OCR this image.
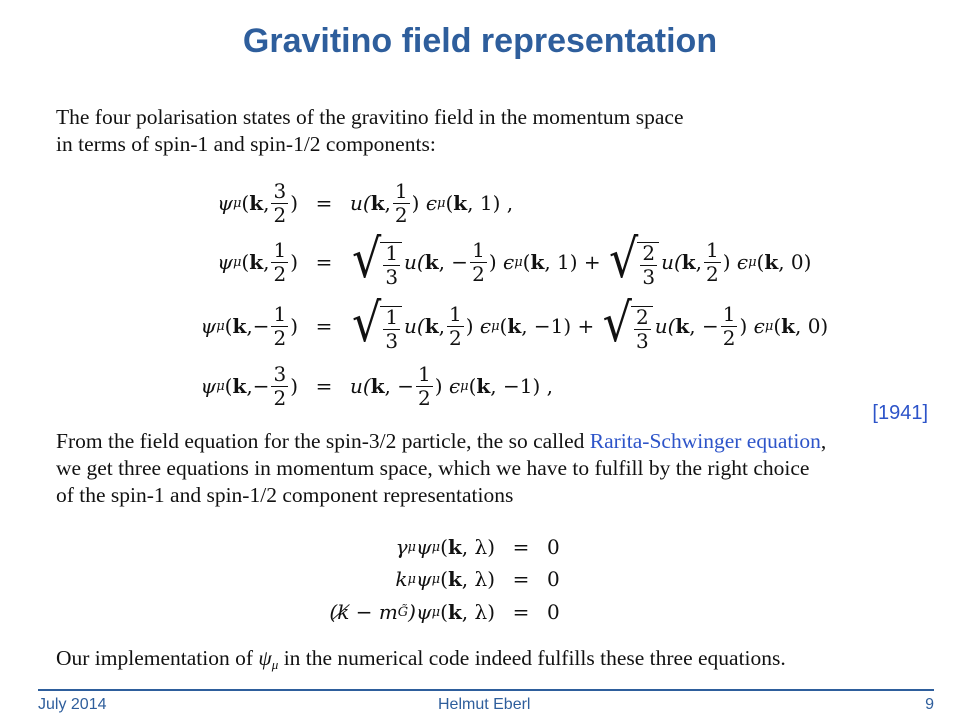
Gravitino field representation
The four polarisation states of the gravitino field in the momentum space
in terms of spin-1 and spin-1/2 components:
ψ μ ( k , $\frac{3}{2}$ ) = u( k , $\frac{1}{2}$ )
ϵ μ ( k , 1) ,
ψ μ ( k , $\frac{1}{2}$ ) = √ $\frac{1}{3} u$( k , − $\frac{1}{2}$ )
ϵ μ ( k , 1) + √ $\frac{2}{3} u$( k , $\frac{1}{2}$ )
ϵ μ ( k , 0)
ψ μ ( k , − $\frac{1}{2}$ ) = √ $\frac{1}{3} u$( k , $\frac{1}{2}$ )
ϵ μ ( k , −1) + √ $\frac{2}{3} u$( k , − $\frac{1}{2}$ )
ϵ μ ( k , 0)
ψ μ ( k , − $\frac{3}{2}$ ) = u( k , − $\frac{1}{2}$ )
ϵ μ ( k , −1) ,
[1941]
From the field equation for the spin-3/2 particle, the so called Rarita-Schwinger equation,
we get three equations in momentum space, which we have to fulfill by the right choice
of the spin-1 and spin-1/2 component representations
γ μ ψ μ ( k , λ) = 0
k μ ψ μ ( k , λ) = 0
(k̸ − m G̃ )ψ μ ( k , λ) = 0
Our implementation of $\psi_\mu$ in the numerical code indeed fulfills these three equations.
July 2014	Helmut Eberl	9
